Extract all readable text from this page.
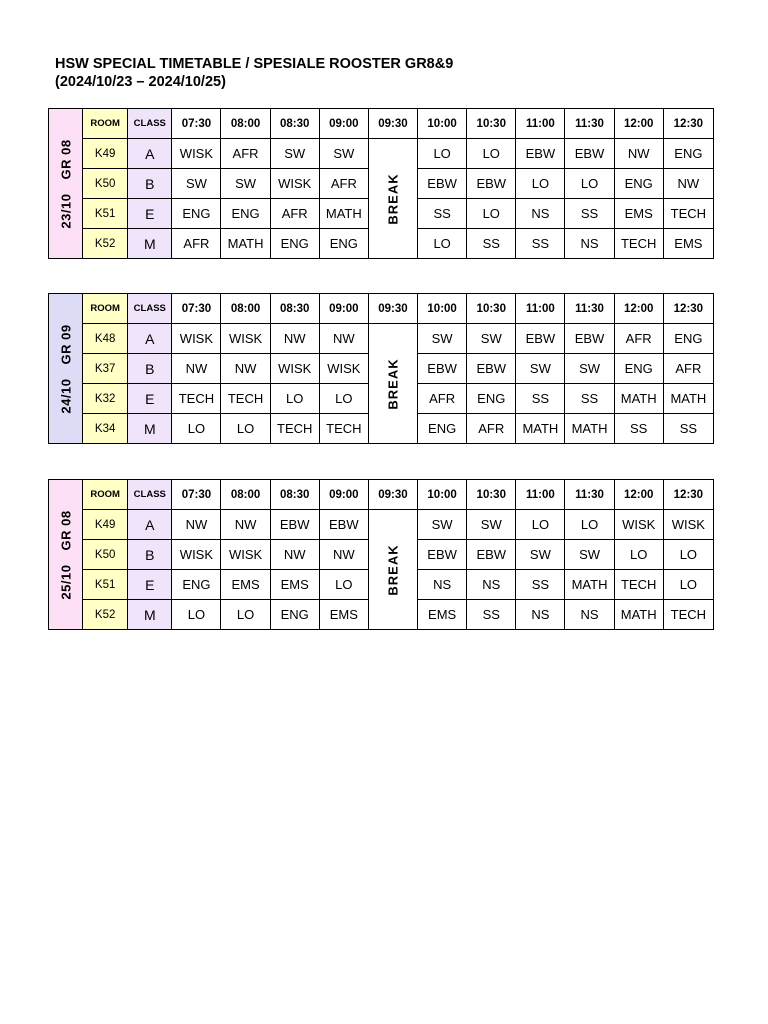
HSW SPECIAL TIMETABLE / SPESIALE ROOSTER GR8&9
(2024/10/23 – 2024/10/25)
23/10GR 08	ROOM	CLASS	07:30	08:00	08:30	09:00	09:30	10:00	10:30	11:00	11:30	12:00	12:30
	K49	A	WISK	AFR	SW	SW	BREAK	LO	LO	EBW	EBW	NW	ENG
	K50	B	SW	SW	WISK	AFR		EBW	EBW	LO	LO	ENG	NW
	K51	E	ENG	ENG	AFR	MATH		SS	LO	NS	SS	EMS	TECH
	K52	M	AFR	MATH	ENG	ENG		LO	SS	SS	NS	TECH	EMS
24/10GR 09	ROOM	CLASS	07:30	08:00	08:30	09:00	09:30	10:00	10:30	11:00	11:30	12:00	12:30
	K48	A	WISK	WISK	NW	NW	BREAK	SW	SW	EBW	EBW	AFR	ENG
	K37	B	NW	NW	WISK	WISK		EBW	EBW	SW	SW	ENG	AFR
	K32	E	TECH	TECH	LO	LO		AFR	ENG	SS	SS	MATH	MATH
	K34	M	LO	LO	TECH	TECH		ENG	AFR	MATH	MATH	SS	SS
25/10GR 08	ROOM	CLASS	07:30	08:00	08:30	09:00	09:30	10:00	10:30	11:00	11:30	12:00	12:30
	K49	A	NW	NW	EBW	EBW	BREAK	SW	SW	LO	LO	WISK	WISK
	K50	B	WISK	WISK	NW	NW		EBW	EBW	SW	SW	LO	LO
	K51	E	ENG	EMS	EMS	LO		NS	NS	SS	MATH	TECH	LO
	K52	M	LO	LO	ENG	EMS		EMS	SS	NS	NS	MATH	TECH
